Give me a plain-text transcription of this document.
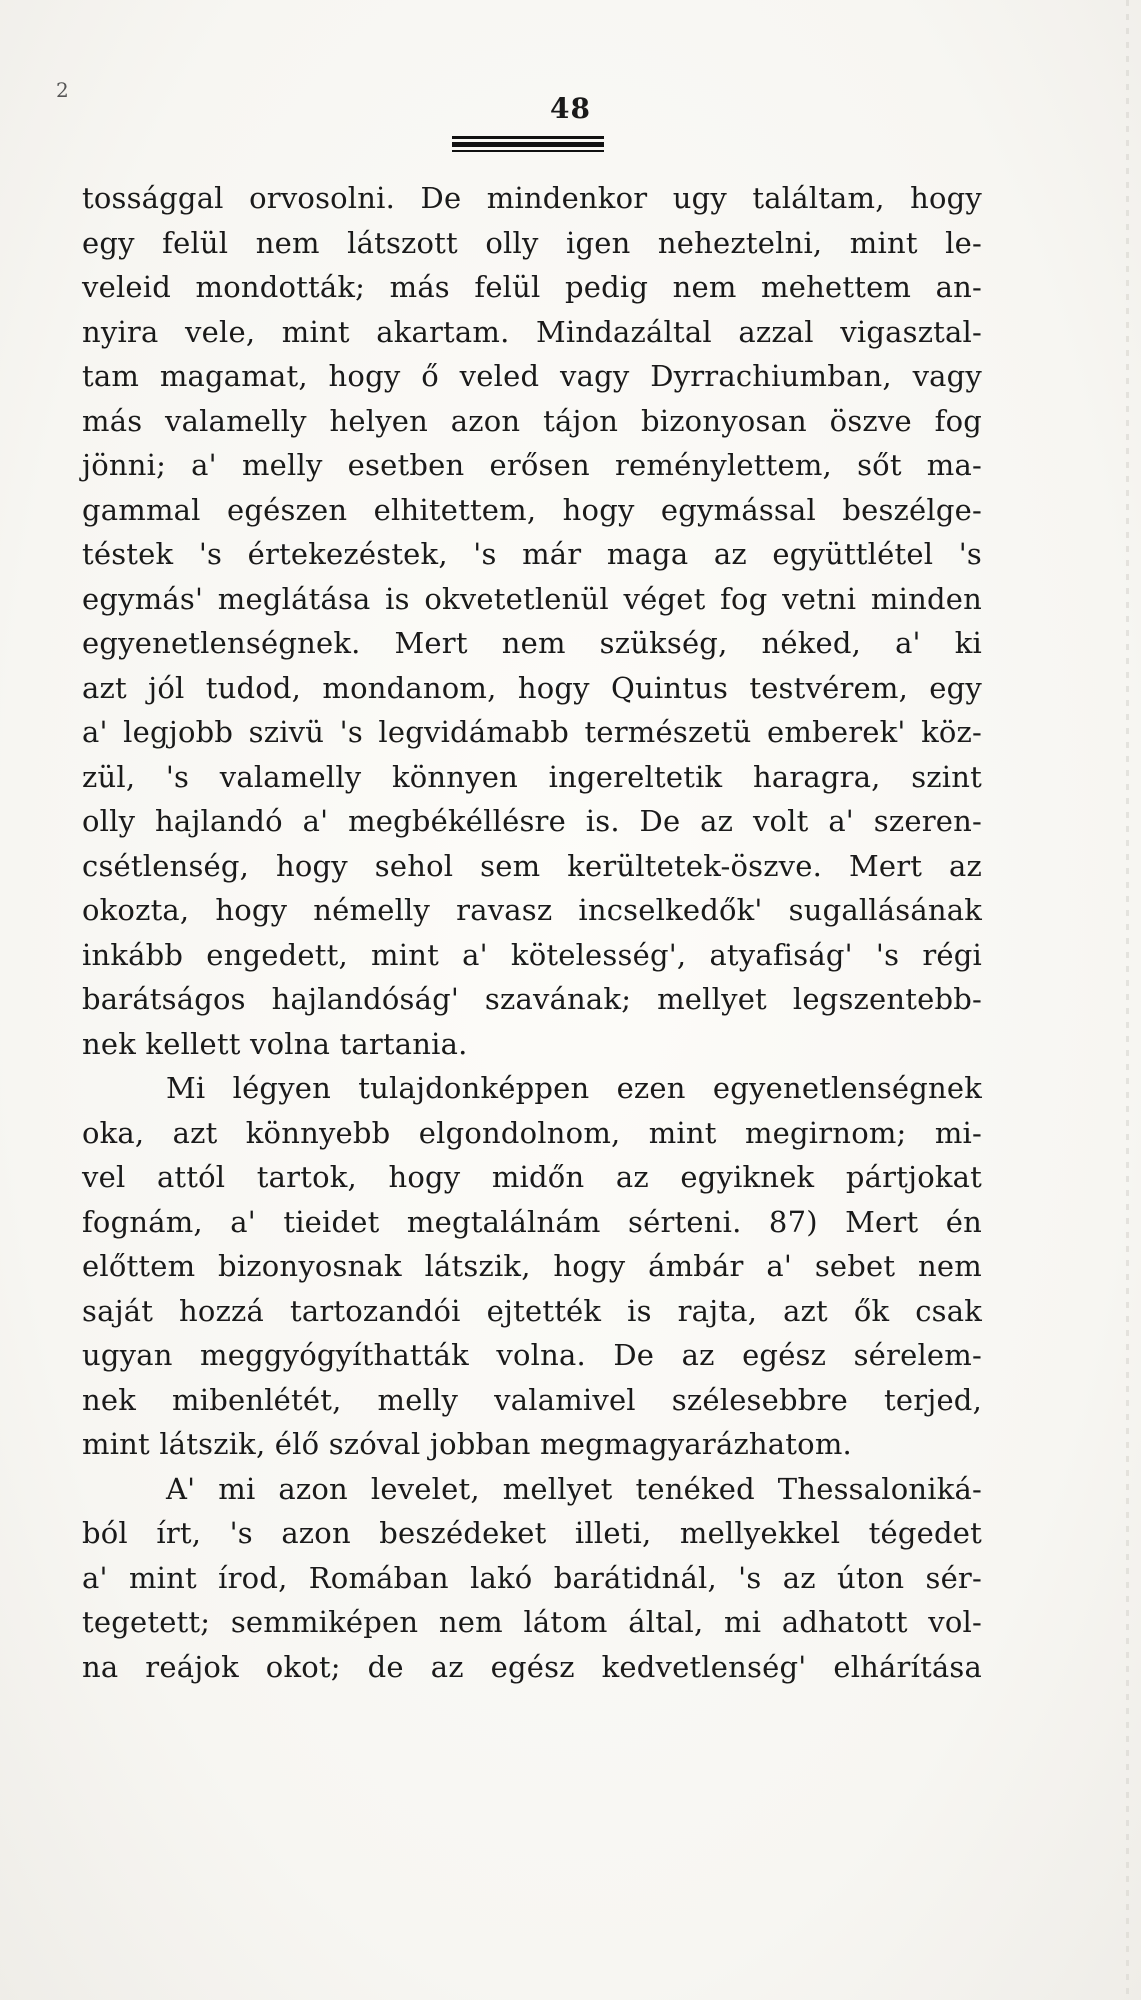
2
48
tossággal orvosolni. De mindenkor ugy találtam, hogy
egy felül nem látszott olly igen neheztelni, mint le-
veleid mondották; más felül pedig nem mehettem an-
nyira vele, mint akartam. Mindazáltal azzal vigasztal-
tam magamat, hogy ő veled vagy Dyrrachiumban, vagy
más valamelly helyen azon tájon bizonyosan öszve fog
jönni; a' melly esetben erősen reménylettem, sőt ma-
gammal egészen elhitettem, hogy egymással beszélge-
téstek 's értekezéstek, 's már maga az együttlétel 's
egymás' meglátása is okvetetlenül véget fog vetni minden
egyenetlenségnek. Mert nem szükség, néked, a' ki
azt jól tudod, mondanom, hogy Quintus testvérem, egy
a' legjobb szivü 's legvidámabb természetü emberek' köz-
zül, 's valamelly könnyen ingereltetik haragra, szint
olly hajlandó a' megbékéllésre is. De az volt a' szeren-
csétlenség, hogy sehol sem kerültetek-öszve. Mert az
okozta, hogy némelly ravasz incselkedők' sugallásának
inkább engedett, mint a' kötelesség', atyafiság' 's régi
barátságos hajlandóság' szavának; mellyet legszentebb-
nek kellett volna tartania.
Mi légyen tulajdonképpen ezen egyenetlenségnek
oka, azt könnyebb elgondolnom, mint megirnom; mi-
vel attól tartok, hogy midőn az egyiknek pártjokat
fognám, a' tieidet megtalálnám sérteni. 87) Mert én
előttem bizonyosnak látszik, hogy ámbár a' sebet nem
saját hozzá tartozandói ejtették is rajta, azt ők csak
ugyan meggyógyíthatták volna. De az egész sérelem-
nek mibenlétét, melly valamivel szélesebbre terjed,
mint látszik, élő szóval jobban megmagyarázhatom.
A' mi azon levelet, mellyet tenéked Thessaloniká-
ból írt, 's azon beszédeket illeti, mellyekkel tégedet
a' mint írod, Romában lakó barátidnál, 's az úton sér-
tegetett; semmiképen nem látom által, mi adhatott vol-
na reájok okot; de az egész kedvetlenség' elhárítása
